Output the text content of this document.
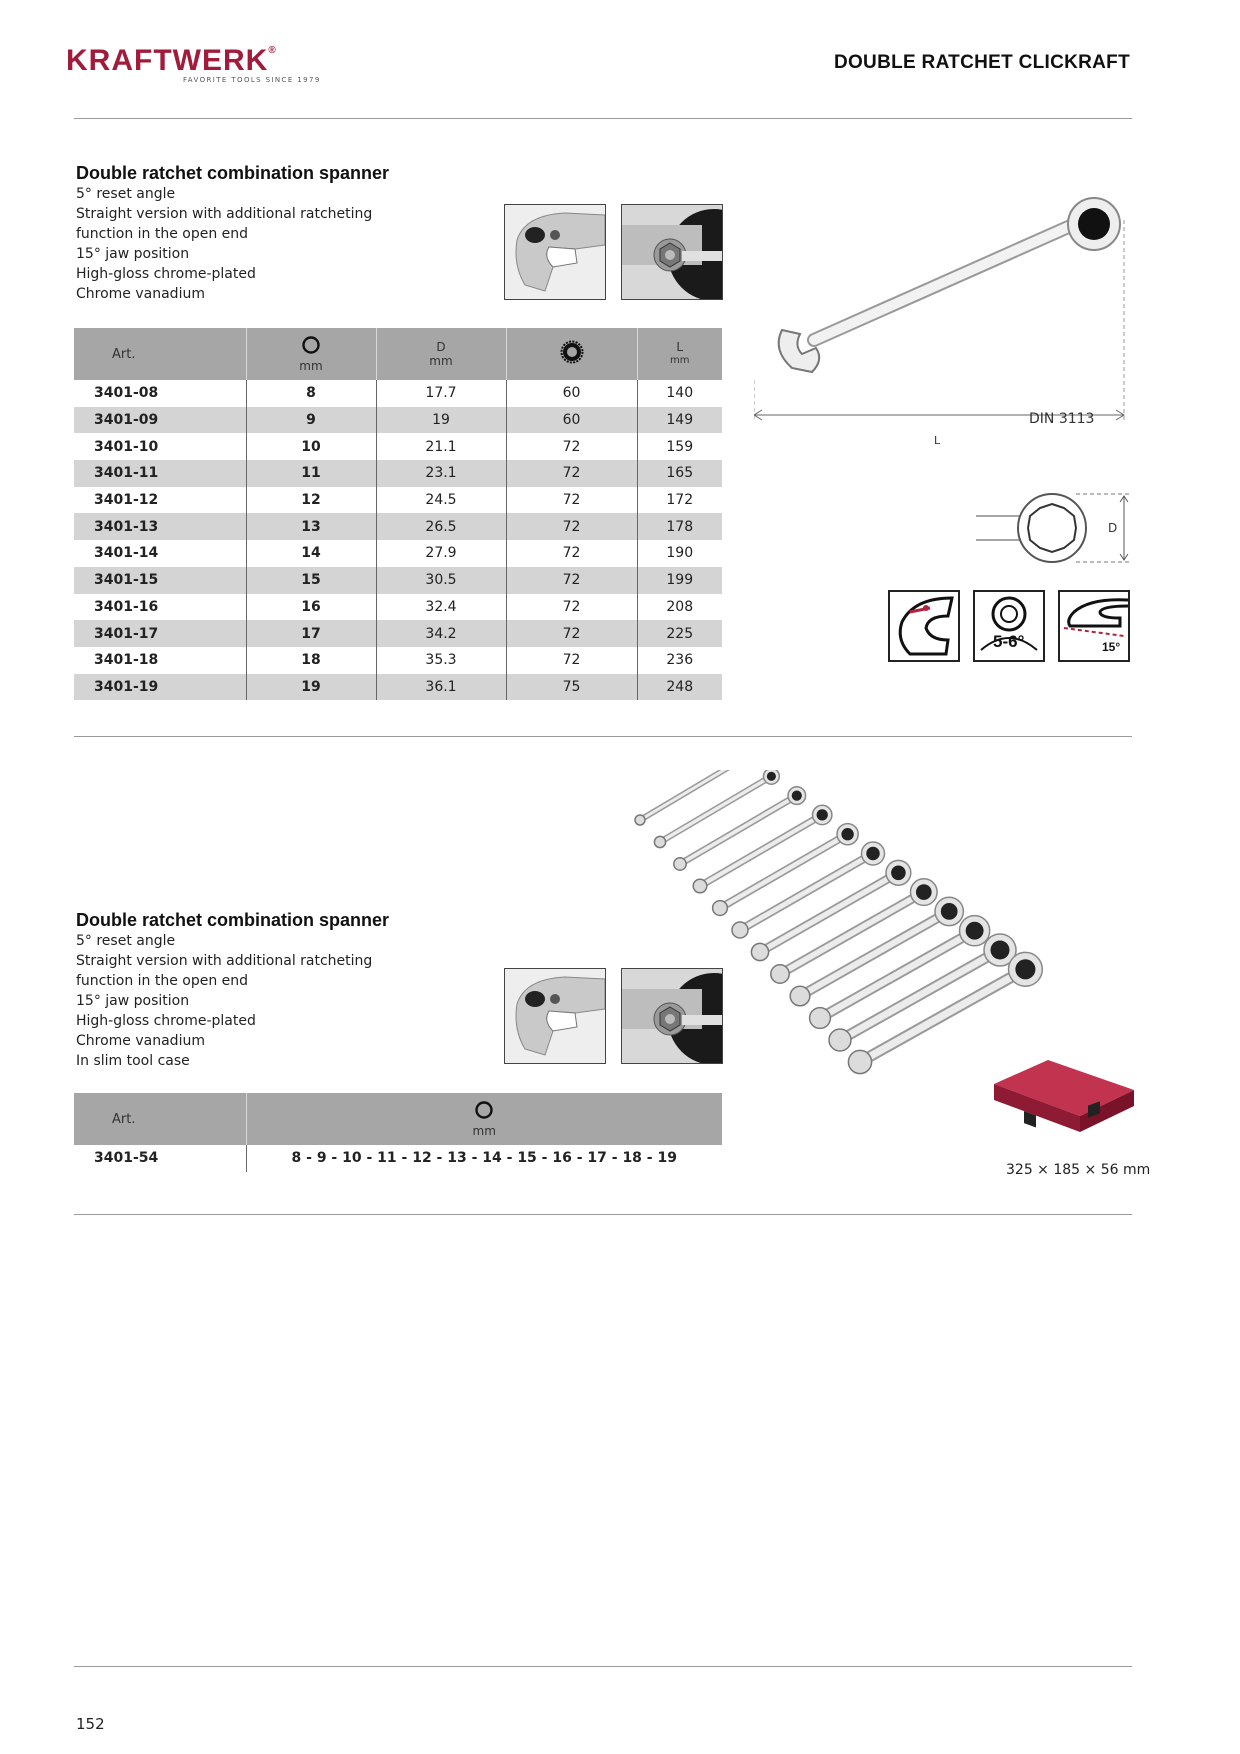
KRAFTWERK®
FAVORITE TOOLS SINCE 1979
DOUBLE RATCHET CLICKRAFT
Double ratchet combination spanner
5° reset angle
Straight version with additional ratcheting
function in the open end
15° jaw position
High-gloss chrome-plated
Chrome vanadium
Art.	mm	D
mm		L
mm

3401-08	8	17.7	60	140
3401-09	9	19	60	149
3401-10	10	21.1	72	159
3401-11	11	23.1	72	165
3401-12	12	24.5	72	172
3401-13	13	26.5	72	178
3401-14	14	27.9	72	190
3401-15	15	30.5	72	199
3401-16	16	32.4	72	208
3401-17	17	34.2	72	225
3401-18	18	35.3	72	236
3401-19	19	36.1	75	248
DIN 3113
L
D
5-6°	15°
325 × 185 × 56 mm
Double ratchet combination spanner
5° reset angle
Straight version with additional ratcheting
function in the open end
15° jaw position
High-gloss chrome-plated
Chrome vanadium
In slim tool case
Art.	mm

3401-54	8 - 9 - 10 - 11 - 12 - 13 - 14 - 15 - 16 - 17 - 18 - 19
152
